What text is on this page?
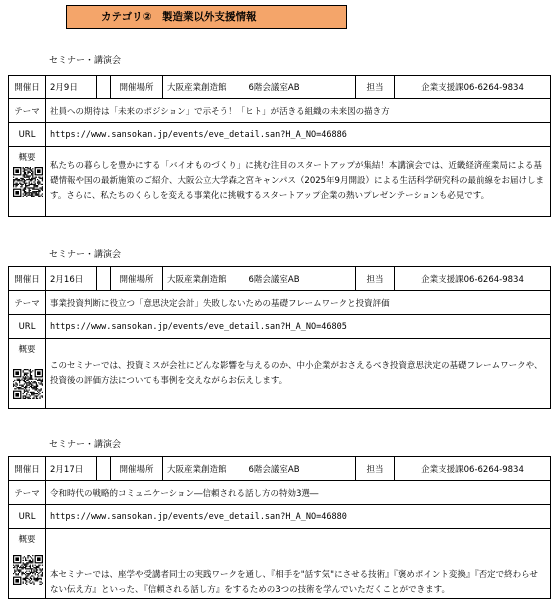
カテゴリ②　製造業以外支援情報
セミナー・講演会
開催日	2月9日		開催場所	大阪産業創造館 6階会議室AB	担当	企業支援課06-6264-9834
テーマ	社員への期待は「未来のポジション」で示そう！「ヒト」が活きる組織の未来図の描き方					
URL	https://www.sansokan.jp/events/eve_detail.san?H_A_NO=46886					

概要	私たちの暮らしを豊かにする「バイオものづくり」に挑む注目のスタートアップが集結！本講演会では、近畿経済産業局による基礎情報や国の最新施策のご紹介、大阪公立大学森之宮キャンパス（2025年9月開設）による生活科学研究科の最前線をお届けします。さらに、私たちのくらしを変える事業化に挑戦するスタートアップ企業の熱いプレゼンテーションも必見です。					
セミナー・講演会
開催日	2月16日		開催場所	大阪産業創造館 6階会議室AB	担当	企業支援課06-6264-9834
テーマ	事業投資判断に役立つ「意思決定会計」失敗しないための基礎フレームワークと投資評価					
URL	https://www.sansokan.jp/events/eve_detail.san?H_A_NO=46805					

概要	このセミナーでは、投資ミスが会社にどんな影響を与えるのか、中小企業がおさえるべき投資意思決定の基礎フレームワークや、投資後の評価方法についても事例を交えながらお伝えします。					
セミナー・講演会
開催日	2月17日		開催場所	大阪産業創造館 6階会議室AB	担当	企業支援課06-6264-9834
テーマ	令和時代の戦略的コミュニケーション―信頼される話し方の特効3選―					
URL	https://www.sansokan.jp/events/eve_detail.san?H_A_NO=46880					

概要	本セミナーでは、座学や受講者同士の実践ワークを通し、『相手を"話す気"にさせる技術』『褒めポイント変換』『否定で終わらせない伝え方』といった、『信頼される話し方』をするための3つの技術を学んでいただくことができます。					
